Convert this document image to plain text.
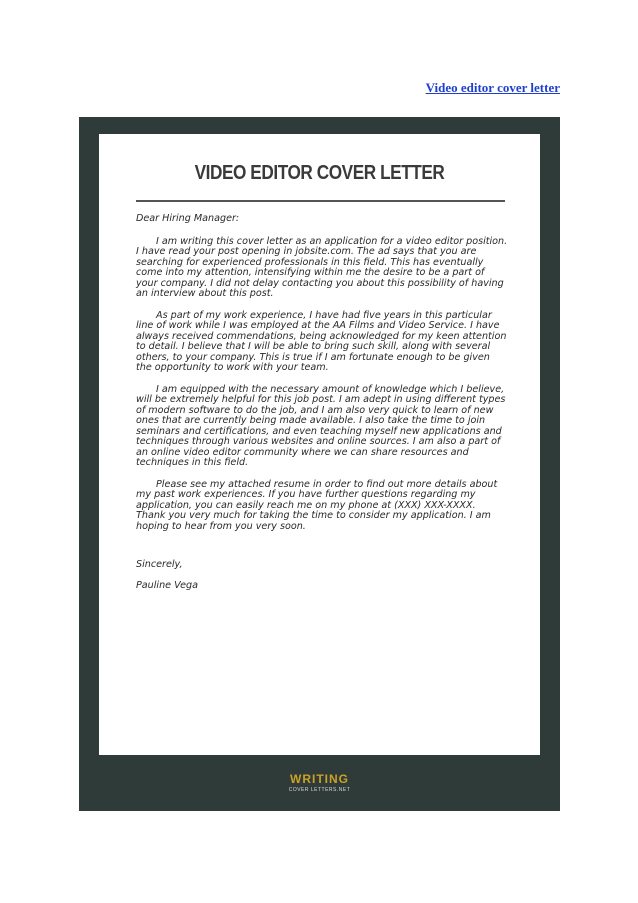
Video editor cover letter
VIDEO EDITOR COVER LETTER

Dear Hiring Manager:

I am writing this cover letter as an application for a video editor position. I have read your post opening in jobsite.com. The ad says that you are searching for experienced professionals in this field. This has eventually come into my attention, intensifying within me the desire to be a part of your company. I did not delay contacting you about this possibility of having an interview about this post.

As part of my work experience, I have had five years in this particular line of work while I was employed at the AA Films and Video Service. I have always received commendations, being acknowledged for my keen attention to detail. I believe that I will be able to bring such skill, along with several others, to your company. This is true if I am fortunate enough to be given the opportunity to work with your team.

I am equipped with the necessary amount of knowledge which I believe, will be extremely helpful for this job post. I am adept in using different types of modern software to do the job, and I am also very quick to learn of new ones that are currently being made available. I also take the time to join seminars and certifications, and even teaching myself new applications and techniques through various websites and online sources. I am also a part of an online video editor community where we can share resources and techniques in this field.

Please see my attached resume in order to find out more details about my past work experiences. If you have further questions regarding my application, you can easily reach me on my phone at (XXX) XXX-XXXX. Thank you very much for taking the time to consider my application. I am hoping to hear from you very soon.

Sincerely,

Pauline Vega

WRITING
COVER LETTERS.NET
